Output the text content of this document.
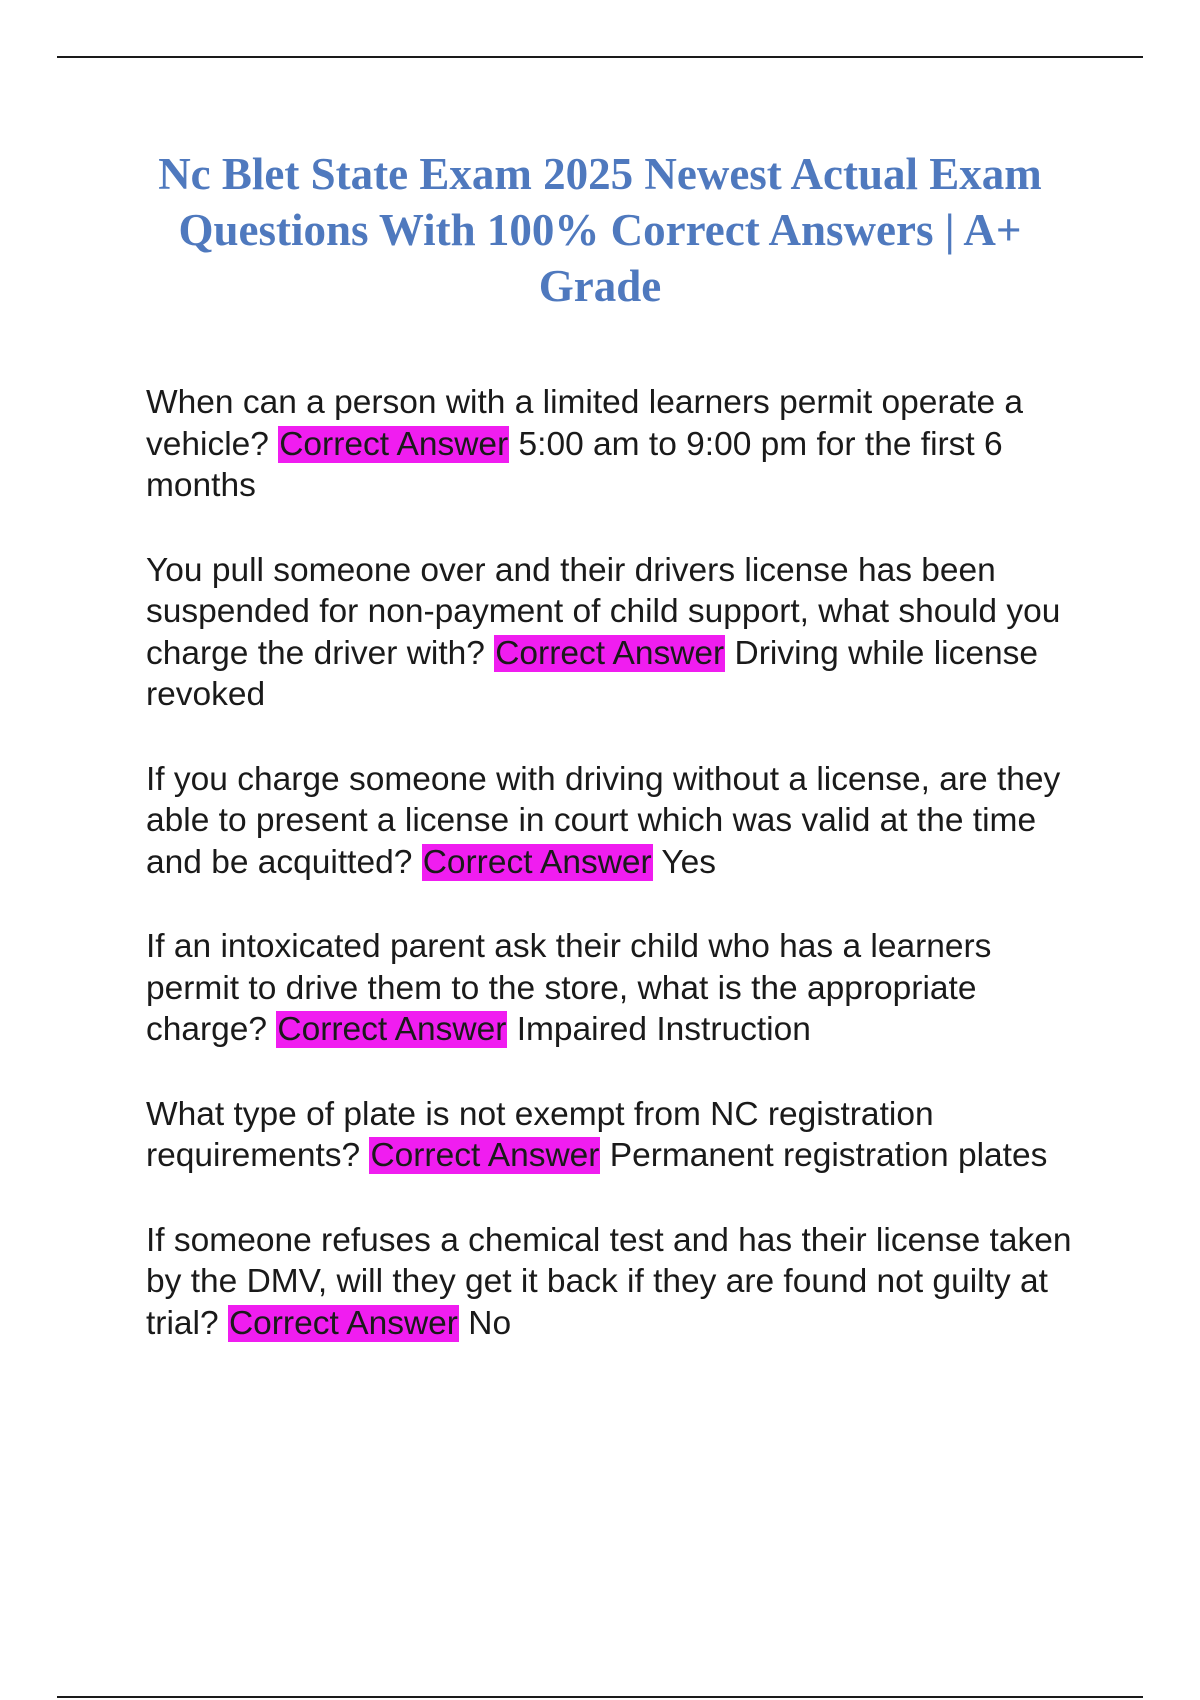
Nc Blet State Exam 2025 Newest Actual Exam Questions With 100% Correct Answers | A+ Grade

When can a person with a limited learners permit operate a vehicle? Correct Answer 5:00 am to 9:00 pm for the first 6 months

You pull someone over and their drivers license has been suspended for non-payment of child support, what should you charge the driver with? Correct Answer Driving while license revoked

If you charge someone with driving without a license, are they able to present a license in court which was valid at the time and be acquitted? Correct Answer Yes

If an intoxicated parent ask their child who has a learners permit to drive them to the store, what is the appropriate charge? Correct Answer Impaired Instruction

What type of plate is not exempt from NC registration requirements? Correct Answer Permanent registration plates

If someone refuses a chemical test and has their license taken by the DMV, will they get it back if they are found not guilty at trial? Correct Answer No
